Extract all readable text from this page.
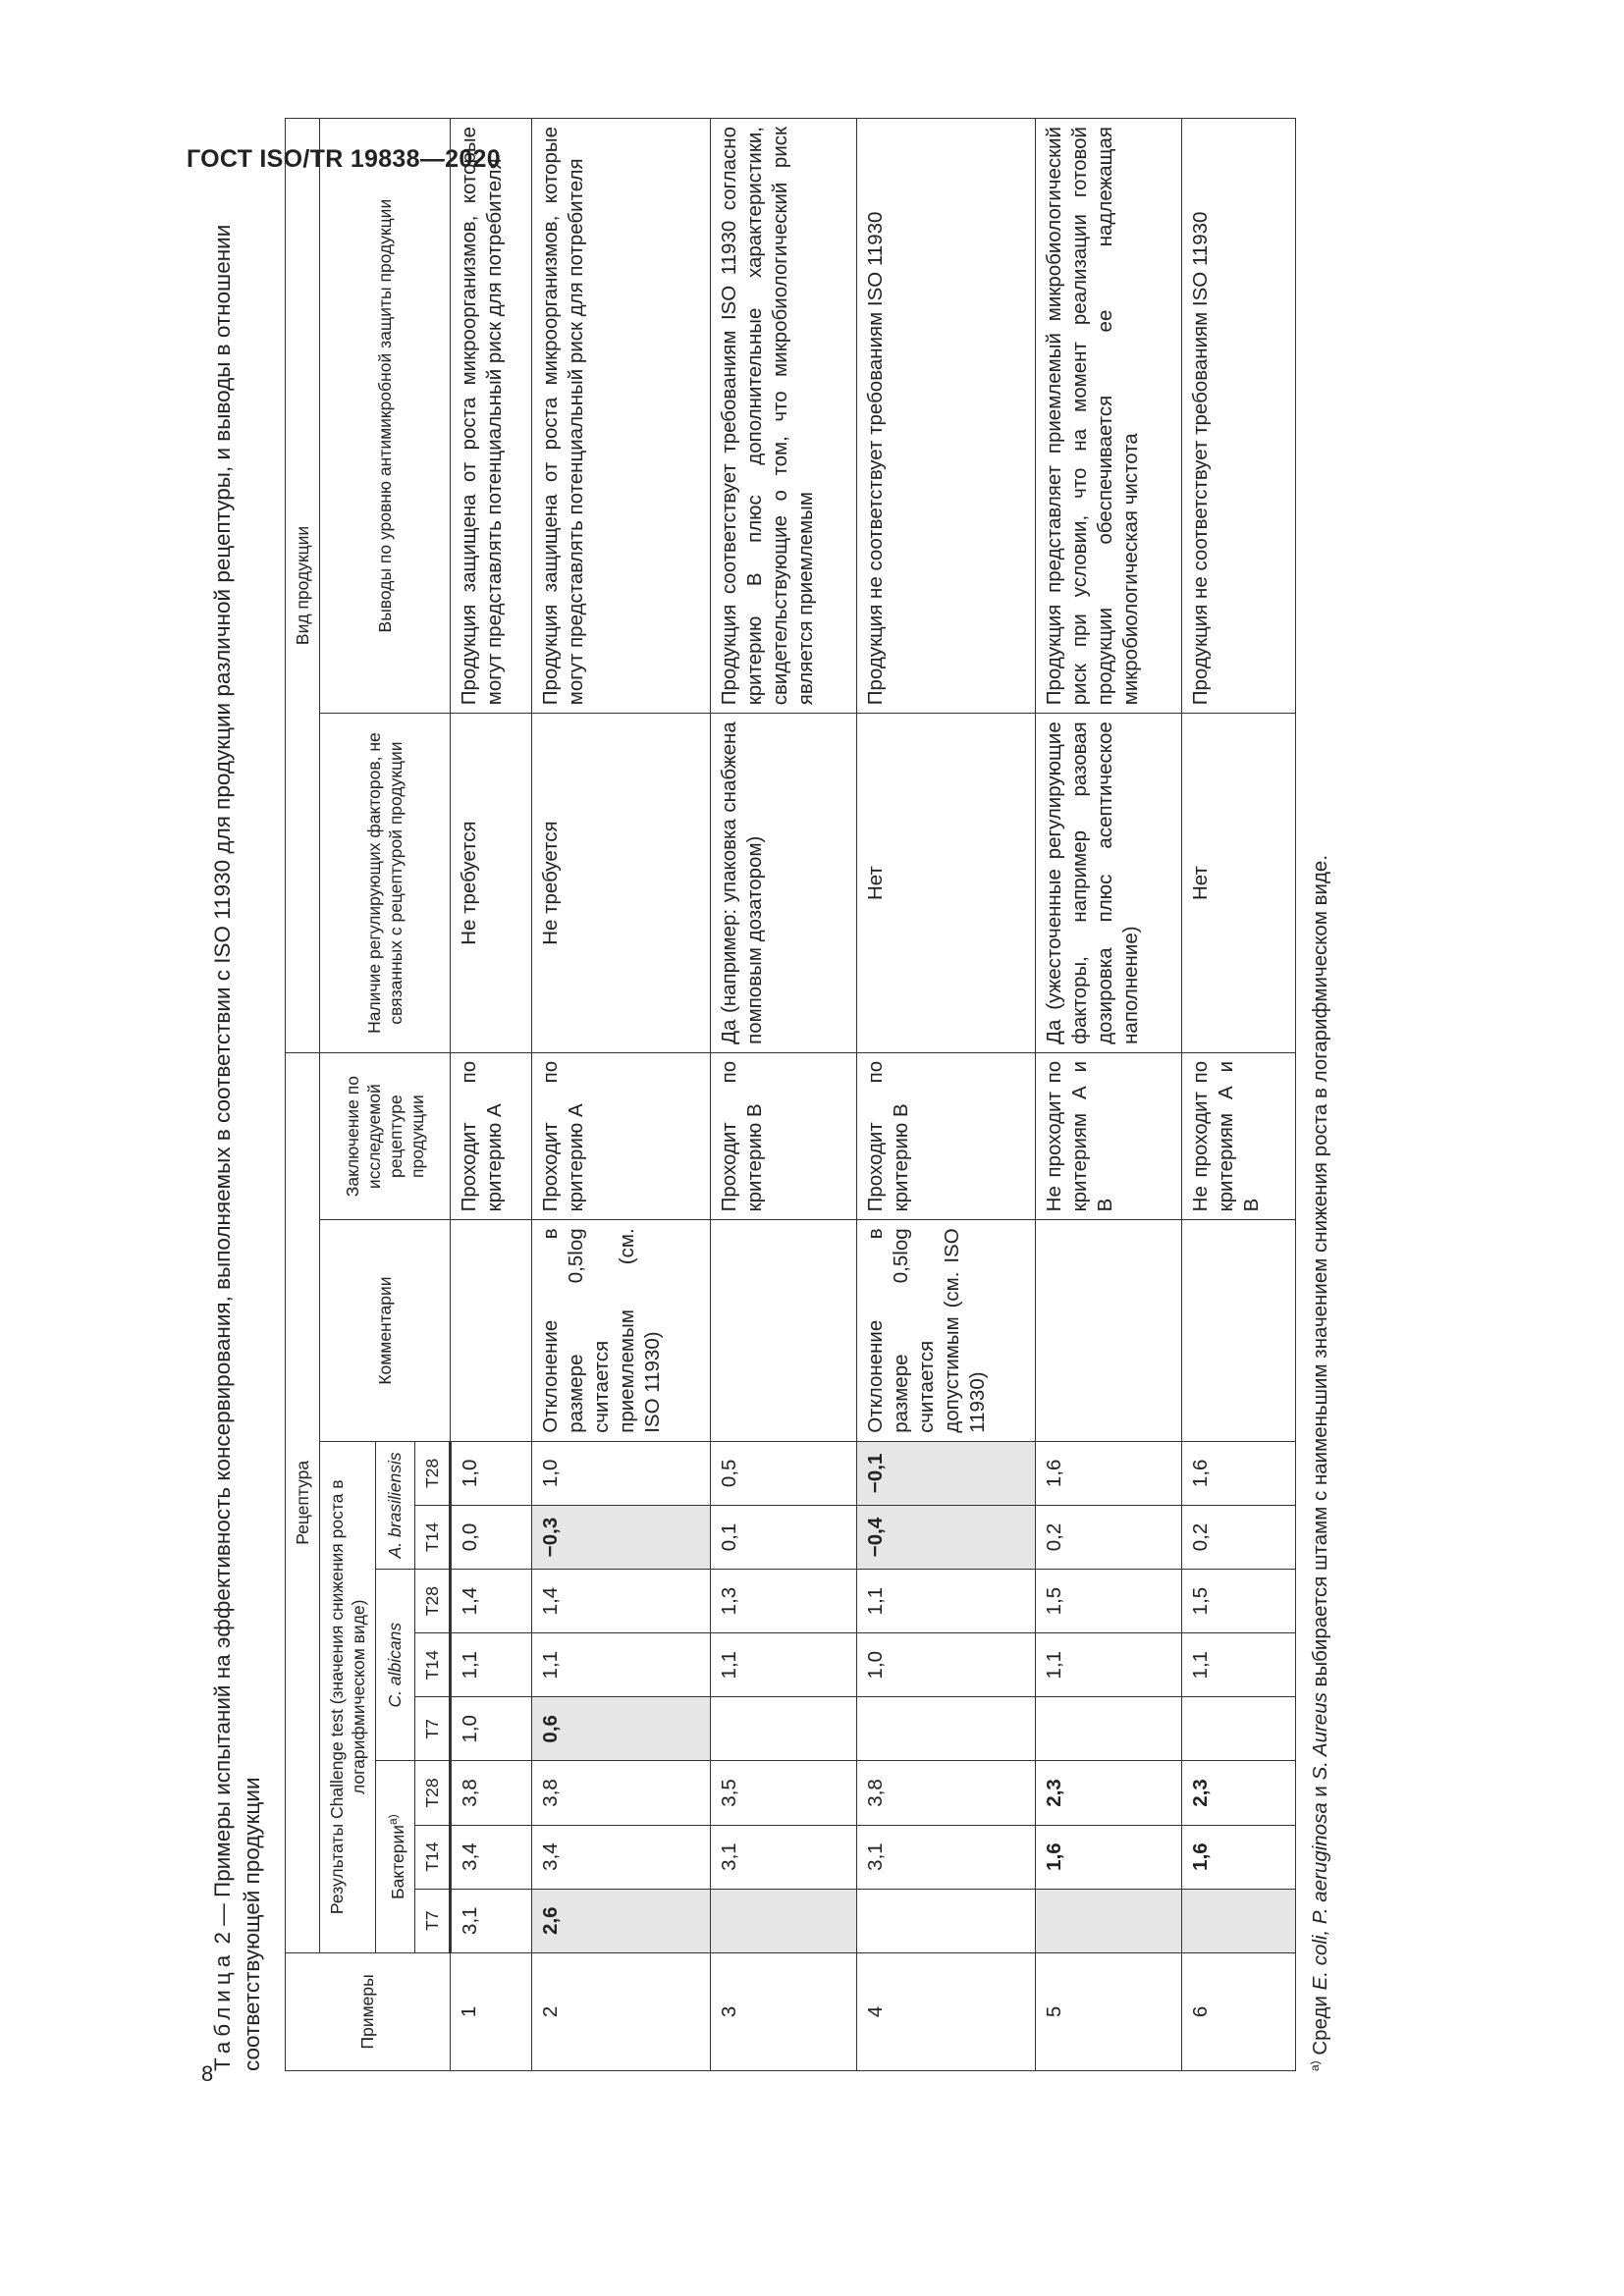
ГОСТ ISO/TR 19838—2020
8
Таблица 2 — Примеры испытаний на эффективность консервирования, выполняемых в соответствии с ISO 11930 для продукции различной рецептуры, и выводы в отношении соответствующей продукции	Примеры	Рецептура										Вид продукции	
	Результаты Challenge test (значения снижения роста в логарифмическом виде)								Комментарии	Заключение по исследуемой рецептуре продукции	Наличие регулирующих факторов, не связанных с рецептурой продукции	Выводы по уровню антимикробной защиты продукции
	Бактерии$^{а)}$			C. albicans			A. brasiliensis					
	T7	T14	T28	T7	T14	T28	T14	T28				
1	3,1	3,4	3,8	1,0	1,1	1,4	0,0	1,0		Проходит по критерию А	Не требуется	Продукция защищена от роста микроорганизмов, которые могут представлять потенциальный риск для потребителя
2	2,6	3,4	3,8	0,6	1,1	1,4	−0,3	1,0	Отклонение в размере 0,5log считается приемлемым (см. ISO 11930)	Проходит по критерию А	Не требуется	Продукция защищена от роста микроорганизмов, которые могут представлять потенциальный риск для потребителя
3		3,1	3,5		1,1	1,3	0,1	0,5		Проходит по критерию В	Да (например: упаковка снабжена помповым дозатором)	Продукция соответствует требованиям ISO 11930 согласно критерию В плюс дополнительные характеристики, свидетельствующие о том, что микробиологический риск является приемлемым
4		3,1	3,8		1,0	1,1	−0,4	−0,1	Отклонение в размере 0,5log считается допустимым (см. ISO 11930)	Проходит по критерию В	Нет	Продукция не соответствует требованиям ISO 11930
5		1,6	2,3		1,1	1,5	0,2	1,6		Не проходит по критериям А и В	Да (ужесточенные регулирующие факторы, например разовая дозировка плюс асептическое наполнение)	Продукция представляет приемлемый микробиологический риск при условии, что на момент реализации готовой продукции обеспечивается ее надлежащая микробиологическая чистота
6		1,6	2,3		1,1	1,5	0,2	1,6		Не проходит по критериям А и В	Нет	Продукция не соответствует требованиям ISO 11930
$^{а)}$ Среди E. coli, P. aeruginosa и S. Aureus выбирается штамм с наименьшим значением снижения роста в логарифмическом виде.
